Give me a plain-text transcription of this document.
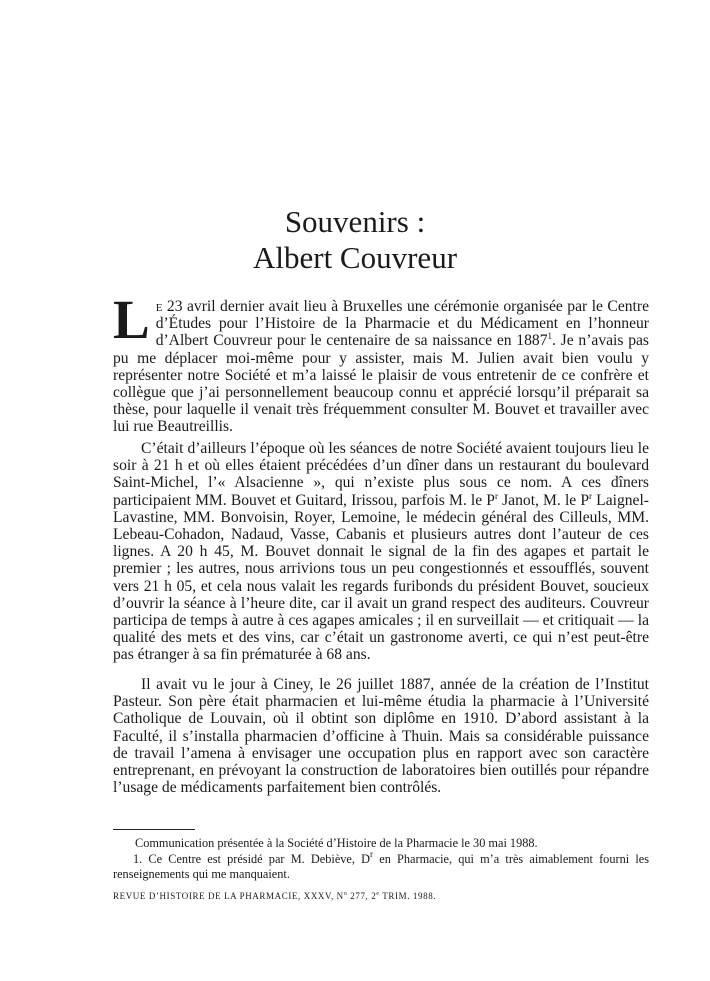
Souvenirs :
Albert Couvreur

Le 23 avril dernier avait lieu à Bruxelles une cérémonie organisée par le Centre d’Études pour l’Histoire de la Pharmacie et du Médicament en l’honneur d’Albert Couvreur pour le centenaire de sa naissance en 1887$^1$. Je n’avais pas pu me déplacer moi-même pour y assister, mais M. Julien avait bien voulu y représenter notre Société et m’a laissé le plaisir de vous entretenir de ce confrère et collègue que j’ai personnellement beaucoup connu et apprécié lorsqu’il préparait sa thèse, pour laquelle il venait très fréquemment consulter M. Bouvet et travailler avec lui rue Beautreillis.

C’était d’ailleurs l’époque où les séances de notre Société avaient toujours lieu le soir à 21 h et où elles étaient précédées d’un dîner dans un restaurant du boulevard Saint-Michel, l’« Alsacienne », qui n’existe plus sous ce nom. A ces dîners participaient MM. Bouvet et Guitard, Irissou, parfois M. le $P^r$ Janot, M. le $P^r$ Laignel-Lavastine, MM. Bonvoisin, Royer, Lemoine, le médecin général des Cilleuls, MM. Lebeau-Cohadon, Nadaud, Vasse, Cabanis et plusieurs autres dont l’auteur de ces lignes. A 20 h 45, M. Bouvet donnait le signal de la fin des agapes et partait le premier ; les autres, nous arrivions tous un peu congestionnés et essoufflés, souvent vers 21 h 05, et cela nous valait les regards furibonds du président Bouvet, soucieux d’ouvrir la séance à l’heure dite, car il avait un grand respect des auditeurs. Couvreur participa de temps à autre à ces agapes amicales ; il en surveillait — et critiquait — la qualité des mets et des vins, car c’était un gastronome averti, ce qui n’est peut-être pas étranger à sa fin prématurée à 68 ans.

Il avait vu le jour à Ciney, le 26 juillet 1887, année de la création de l’Institut Pasteur. Son père était pharmacien et lui-même étudia la pharmacie à l’Université Catholique de Louvain, où il obtint son diplôme en 1910. D’abord assistant à la Faculté, il s’installa pharmacien d’officine à Thuin. Mais sa considérable puissance de travail l’amena à envisager une occupation plus en rapport avec son caractère entreprenant, en prévoyant la construction de laboratoires bien outillés pour répandre l’usage de médicaments parfaitement bien contrôlés.

Communication présentée à la Société d’Histoire de la Pharmacie le 30 mai 1988.
1. Ce Centre est présidé par M. Debiève, $D^r$ en Pharmacie, qui m’a très aimablement fourni les renseignements qui me manquaient.
REVUE D’HISTOIRE DE LA PHARMACIE, XXXV, $N^o$ 277, 2e TRIM. 1988.
